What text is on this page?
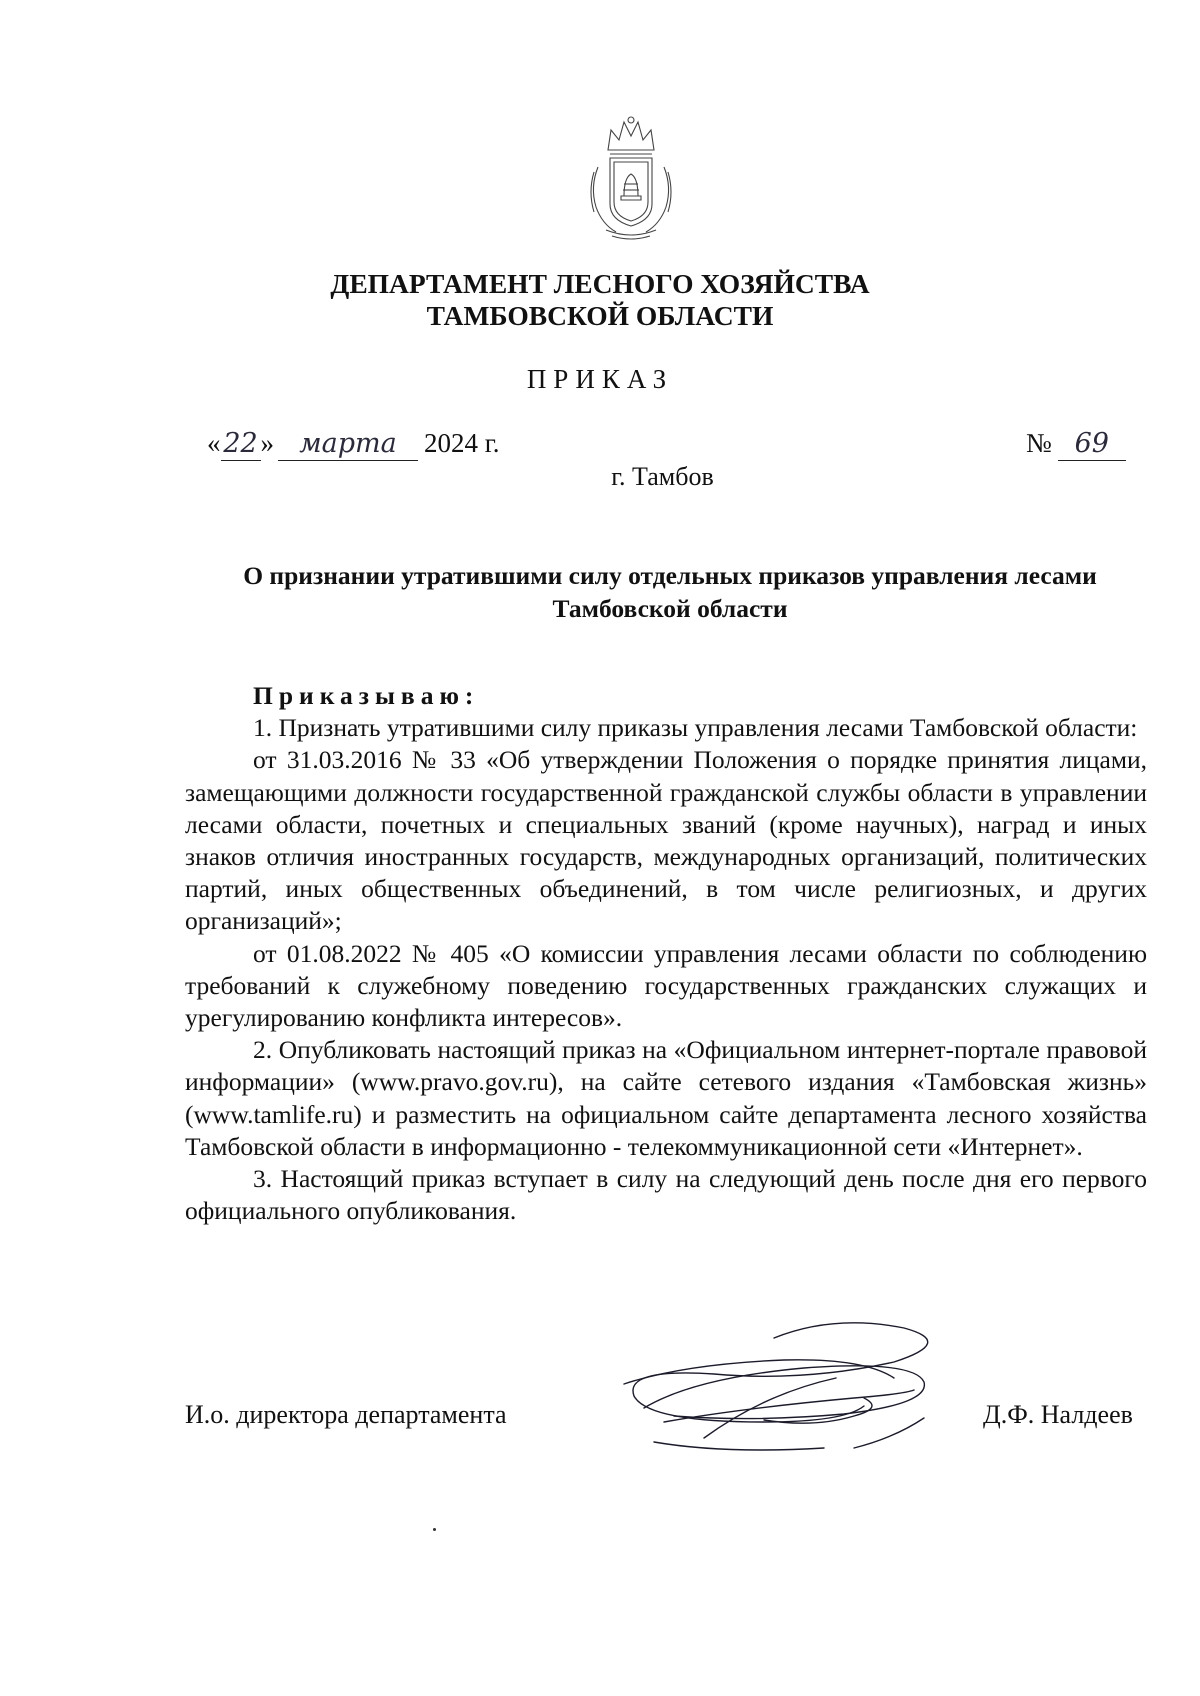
ДЕПАРТАМЕНТ ЛЕСНОГО ХОЗЯЙСТВА
ТАМБОВСКОЙ ОБЛАСТИ
ПРИКАЗ
« 22 » марта 2024 г.	№ 69
г. Тамбов
О признании утратившими силу отдельных приказов управления лесами
Тамбовской области

Приказываю:

1. Признать утратившими силу приказы управления лесами Тамбовской области:

от 31.03.2016 № 33 «Об утверждении Положения о порядке принятия лицами, замещающими должности государственной гражданской службы области в управлении лесами области, почетных и специальных званий (кроме научных), наград и иных знаков отличия иностранных государств, международных организаций, политических партий, иных общественных объединений, в том числе религиозных, и других организаций»;

от 01.08.2022 № 405 «О комиссии управления лесами области по соблюдению требований к служебному поведению государственных гражданских служащих и урегулированию конфликта интересов».

2. Опубликовать настоящий приказ на «Официальном интернет-портале правовой информации» (www.pravo.gov.ru), на сайте сетевого издания «Тамбовская жизнь» (www.tamlife.ru) и разместить на официальном сайте департамента лесного хозяйства Тамбовской области в информационно - телекоммуникационной сети «Интернет».

3. Настоящий приказ вступает в силу на следующий день после дня его первого официального опубликования.

И.о. директора департамента	Д.Ф. Налдеев
